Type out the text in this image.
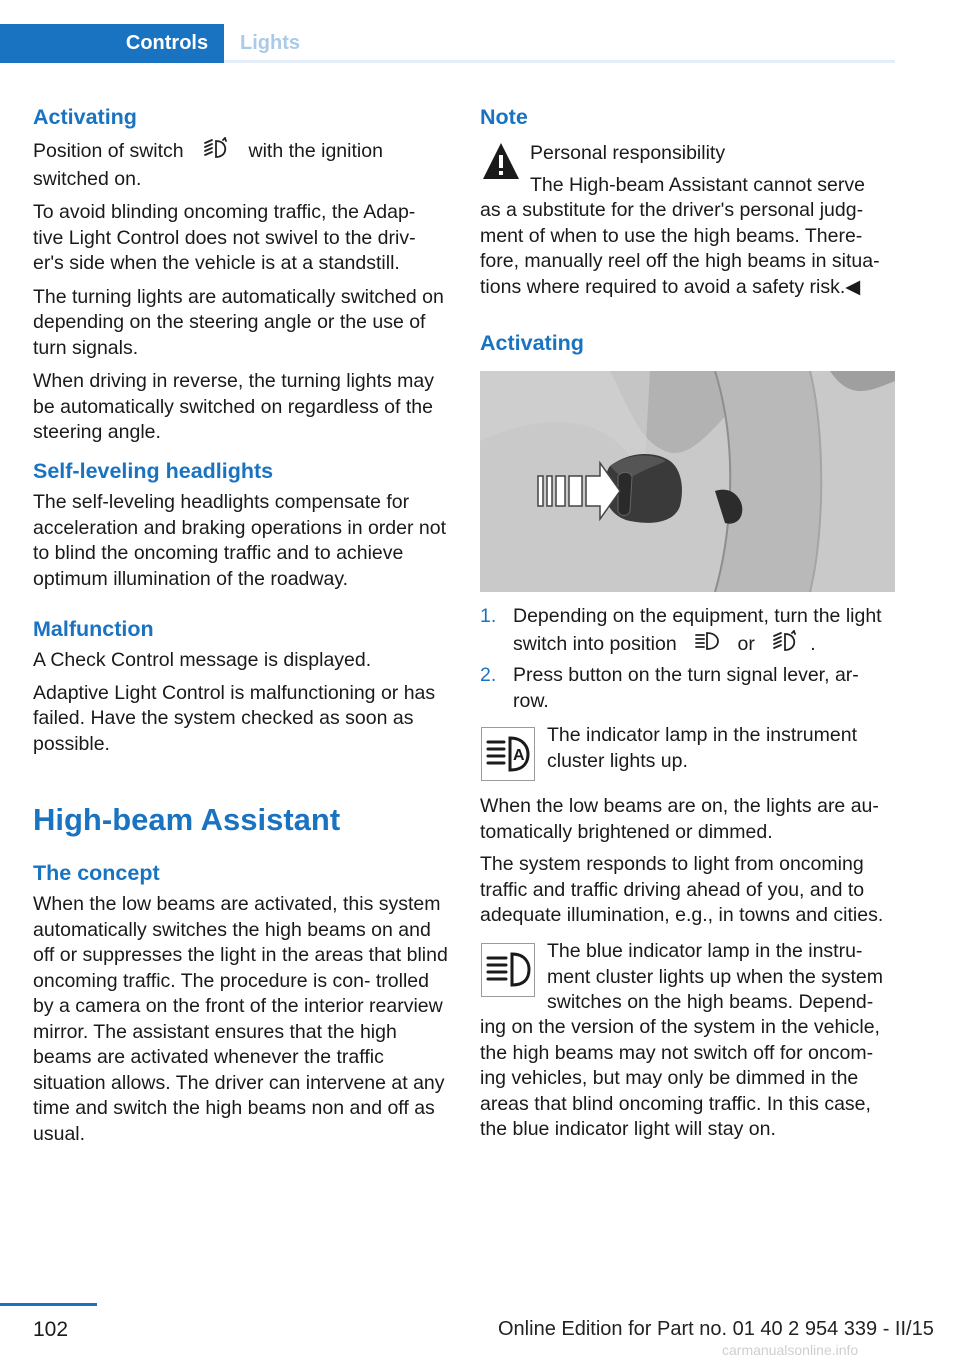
Controls	Lights
Activating

Position of switch	with the ignition
switched on.

To avoid blinding oncoming traffic, the Adap‐ tive Light Control does not swivel to the driv‐ er's side when the vehicle is at a standstill.

The turning lights are automatically switched on depending on the steering angle or the use of turn signals.

When driving in reverse, the turning lights may be automatically switched on regardless of the steering angle.

Self-leveling headlights

The self-leveling headlights compensate for acceleration and braking operations in order not to blind the oncoming traffic and to achieve optimum illumination of the roadway.

Malfunction

A Check Control message is displayed.

Adaptive Light Control is malfunctioning or has failed. Have the system checked as soon as possible.

High-beam Assistant
The concept

When the low beams are activated, this system automatically switches the high beams on and off or suppresses the light in the areas that blind oncoming traffic. The procedure is con‐ trolled by a camera on the front of the interior rearview mirror. The assistant ensures that the high beams are activated whenever the traffic situation allows. The driver can intervene at any time and switch the high beams non and off as usual.

Note

Personal responsibility

The High-beam Assistant cannot serve

as a substitute for the driver's personal judg‐ ment of when to use the high beams. There‐ fore, manually reel off the high beams in situa‐ tions where required to avoid a safety risk.◀

Activating
1. Depending on the equipment, turn the light
switch into position	or	.
2. Press button on the turn signal lever, ar‐ row.
A

The indicator lamp in the instrument cluster lights up.

When the low beams are on, the lights are au‐ tomatically brightened or dimmed.

The system responds to light from oncoming traffic and traffic driving ahead of you, and to adequate illumination, e.g., in towns and cities.

The blue indicator lamp in the instru‐ ment cluster lights up when the system switches on the high beams. Depend‐

ing on the version of the system in the vehicle, the high beams may not switch off for oncom‐ ing vehicles, but may only be dimmed in the areas that blind oncoming traffic. In this case, the blue indicator light will stay on.

102	Online Edition for Part no. 01 40 2 954 339 - II/15
carmanualsonline.info
